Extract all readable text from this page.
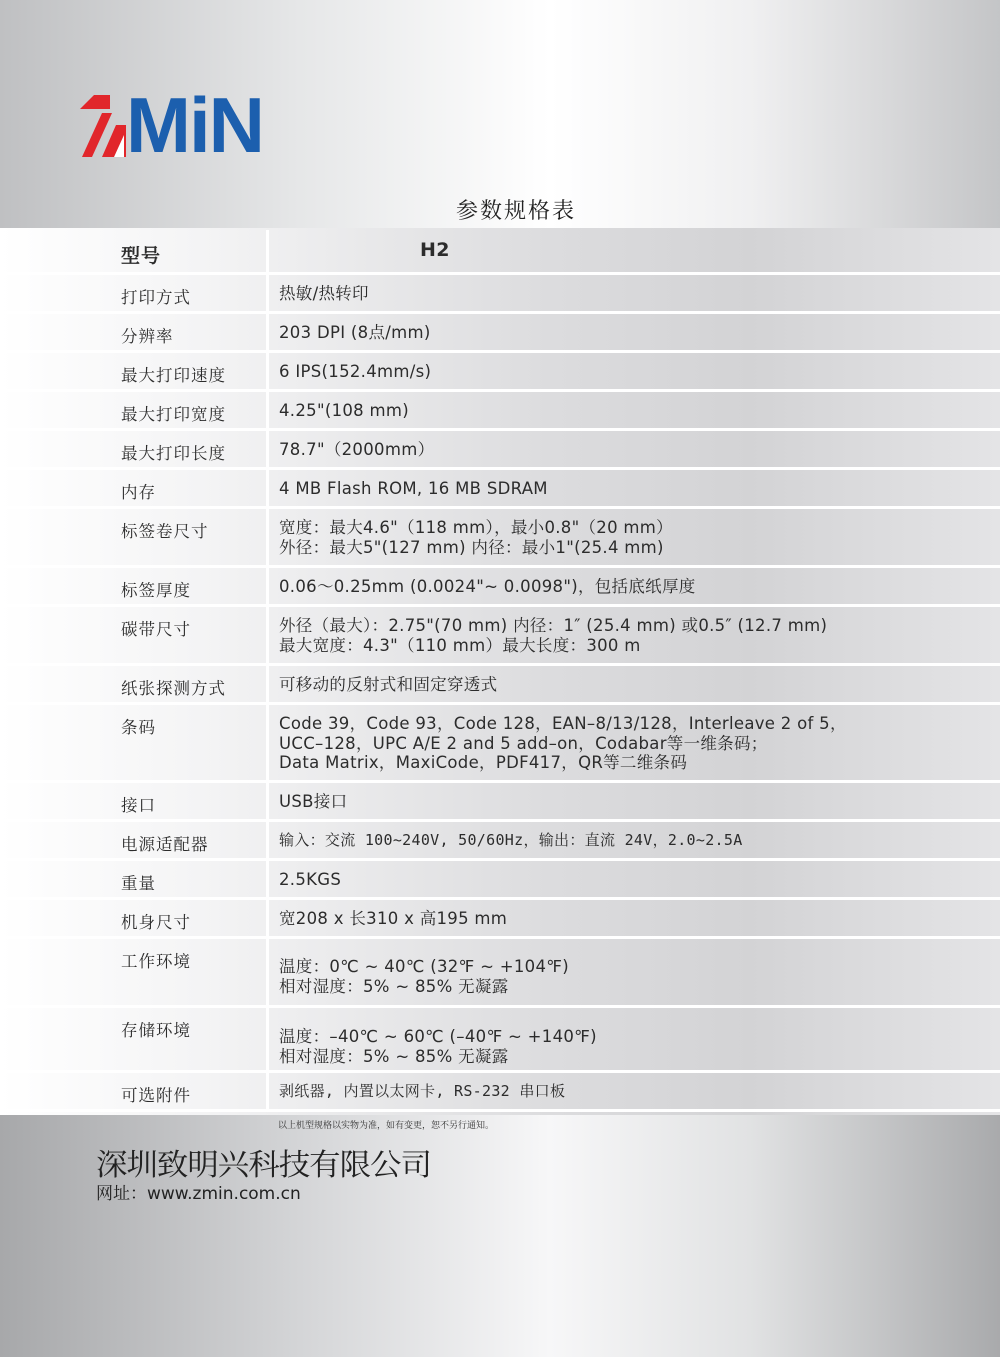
MiN
参数规格表
型号	H2
打印方式	热敏/热转印
分辨率	203 DPI (8点/mm)
最大打印速度	6 IPS(152.4mm/s)
最大打印宽度	4.25"(108 mm)
最大打印长度	78.7"（2000mm）
内存	4 MB Flash ROM, 16 MB SDRAM
标签卷尺寸	宽度：最大4.6"（118 mm），最小0.8"（20 mm）
外径：最大5"(127 mm) 内径：最小1"(25.4 mm)
标签厚度	0.06～0.25mm (0.0024"~ 0.0098")，包括底纸厚度
碳带尺寸	外径（最大）：2.75"(70 mm) 内径：1″ (25.4 mm) 或0.5″ (12.7 mm)
最大宽度：4.3"（110 mm）最大长度：300 m
纸张探测方式	可移动的反射式和固定穿透式
条码	Code 39，Code 93，Code 128，EAN–8/13/128，Interleave 2 of 5，
UCC–128，UPC A/E 2 and 5 add–on，Codabar等一维条码；
Data Matrix，MaxiCode，PDF417，QR等二维条码
接口	USB接口
电源适配器	输入：交流 100~240V, 50/60Hz，输出：直流 24V，2.0~2.5A
重量	2.5KGS
机身尺寸	宽208 x 长310 x 高195 mm
工作环境	温度：0℃ ~ 40℃ (32℉ ~ +104℉)
相对湿度：5% ~ 85% 无凝露
存储环境	温度：–40℃ ~ 60℃ (–40℉ ~ +140℉)
相对湿度：5% ~ 85% 无凝露
可选附件	剥纸器, 内置以太网卡, RS-232 串口板
以上机型规格以实物为准，如有变更，恕不另行通知。
深圳致明兴科技有限公司
网址：www.zmin.com.cn
